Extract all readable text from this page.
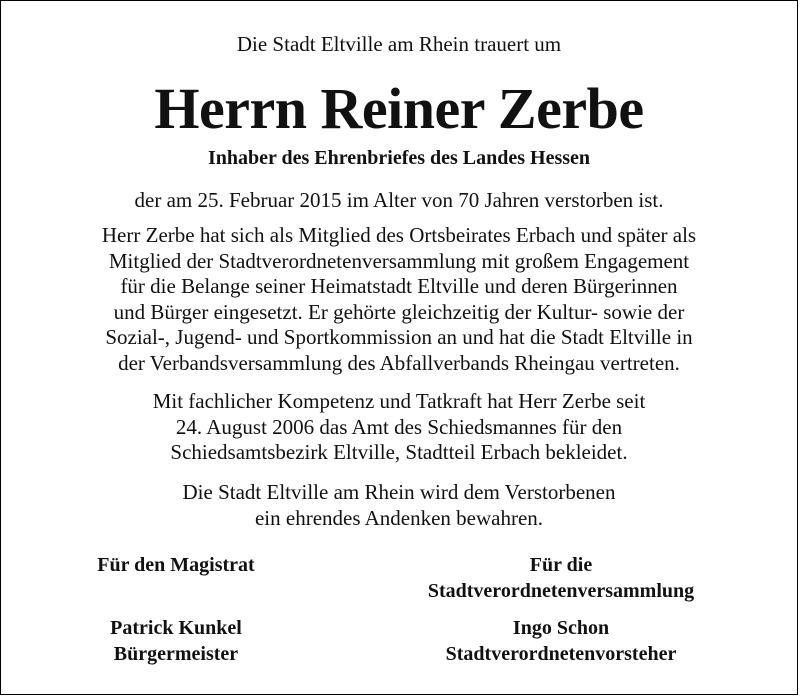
Die Stadt Eltville am Rhein trauert um
Herrn Reiner Zerbe
Inhaber des Ehrenbriefes des Landes Hessen
der am 25. Februar 2015 im Alter von 70 Jahren verstorben ist.
Herr Zerbe hat sich als Mitglied des Ortsbeirates Erbach und später als
Mitglied der Stadtverordnetenversammlung mit großem Engagement
für die Belange seiner Heimatstadt Eltville und deren Bürgerinnen
und Bürger eingesetzt. Er gehörte gleichzeitig der Kultur- sowie der
Sozial-, Jugend- und Sportkommission an und hat die Stadt Eltville in
der Verbandsversammlung des Abfallverbands Rheingau vertreten.
Mit fachlicher Kompetenz und Tatkraft hat Herr Zerbe seit
24. August 2006 das Amt des Schiedsmannes für den
Schiedsamtsbezirk Eltville, Stadtteil Erbach bekleidet.
Die Stadt Eltville am Rhein wird dem Verstorbenen
ein ehrendes Andenken bewahren.
Für den Magistrat	Für die
Stadtverordnetenversammlung
Patrick Kunkel
Bürgermeister
Ingo Schon
Stadtverordnetenvorsteher
